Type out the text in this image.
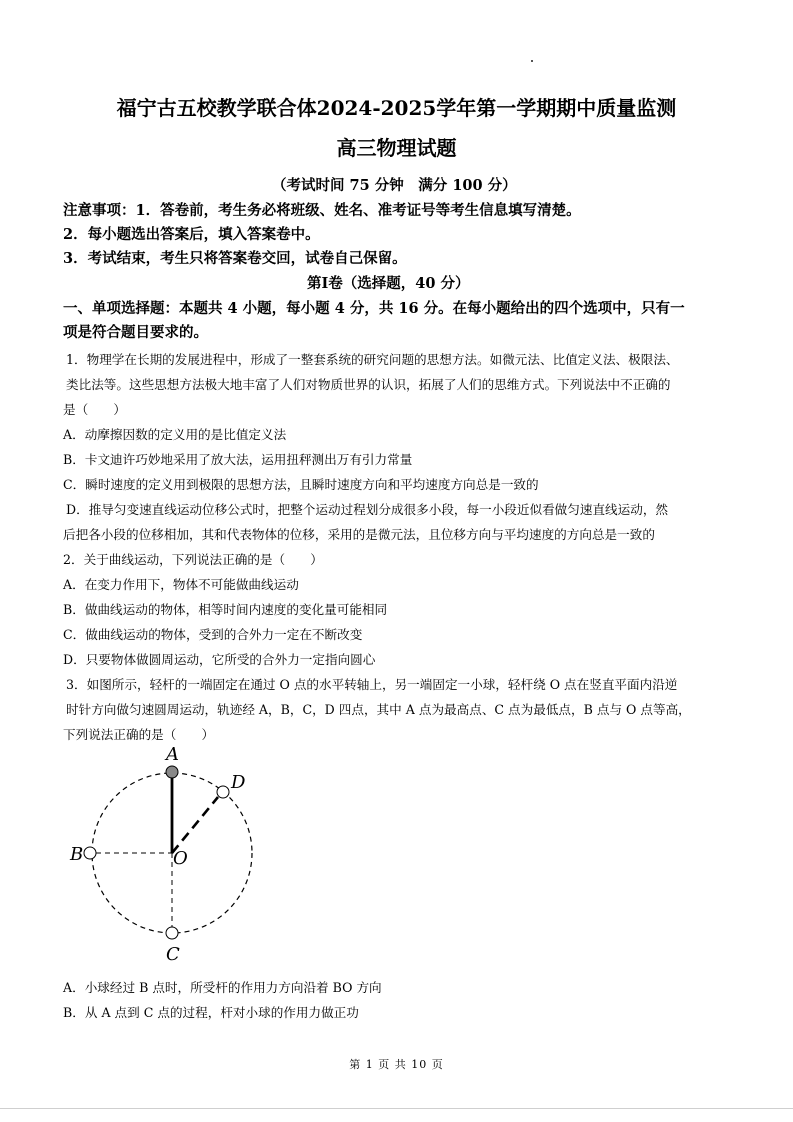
福宁古五校教学联合体2024-2025学年第一学期期中质量监测
高三物理试题
（考试时间 75 分钟　满分 100 分）
注意事项：1．答卷前，考生务必将班级、姓名、准考证号等考生信息填写清楚。
2．每小题选出答案后，填入答案卷中。
3．考试结束，考生只将答案卷交回，试卷自己保留。
第Ⅰ卷（选择题，40 分）
一、单项选择题：本题共 4 小题，每小题 4 分，共 16 分。在每小题给出的四个选项中，只有一
项是符合题目要求的。
1．物理学在长期的发展进程中，形成了一整套系统的研究问题的思想方法。如微元法、比值定义法、极限法、
类比法等。这些思想方法极大地丰富了人们对物质世界的认识，拓展了人们的思维方式。下列说法中不正确的
是（　　）
A．动摩擦因数的定义用的是比值定义法
B．卡文迪许巧妙地采用了放大法，运用扭秤测出万有引力常量
C．瞬时速度的定义用到极限的思想方法，且瞬时速度方向和平均速度方向总是一致的
D．推导匀变速直线运动位移公式时，把整个运动过程划分成很多小段，每一小段近似看做匀速直线运动，然
后把各小段的位移相加，其和代表物体的位移，采用的是微元法，且位移方向与平均速度的方向总是一致的
2．关于曲线运动，下列说法正确的是（　　）
A．在变力作用下，物体不可能做曲线运动
B．做曲线运动的物体，相等时间内速度的变化量可能相同
C．做曲线运动的物体，受到的合外力一定在不断改变
D．只要物体做圆周运动，它所受的合外力一定指向圆心
3．如图所示，轻杆的一端固定在通过 O 点的水平转轴上，另一端固定一小球，轻杆绕 O 点在竖直平面内沿逆
时针方向做匀速圆周运动，轨迹经 A，B，C，D 四点，其中 A 点为最高点、C 点为最低点，B 点与 O 点等高，
下列说法正确的是（　　）
A
D
B	O
C
A．小球经过 B 点时，所受杆的作用力方向沿着 BO 方向
B．从 A 点到 C 点的过程，杆对小球的作用力做正功
第 1 页 共 10 页
